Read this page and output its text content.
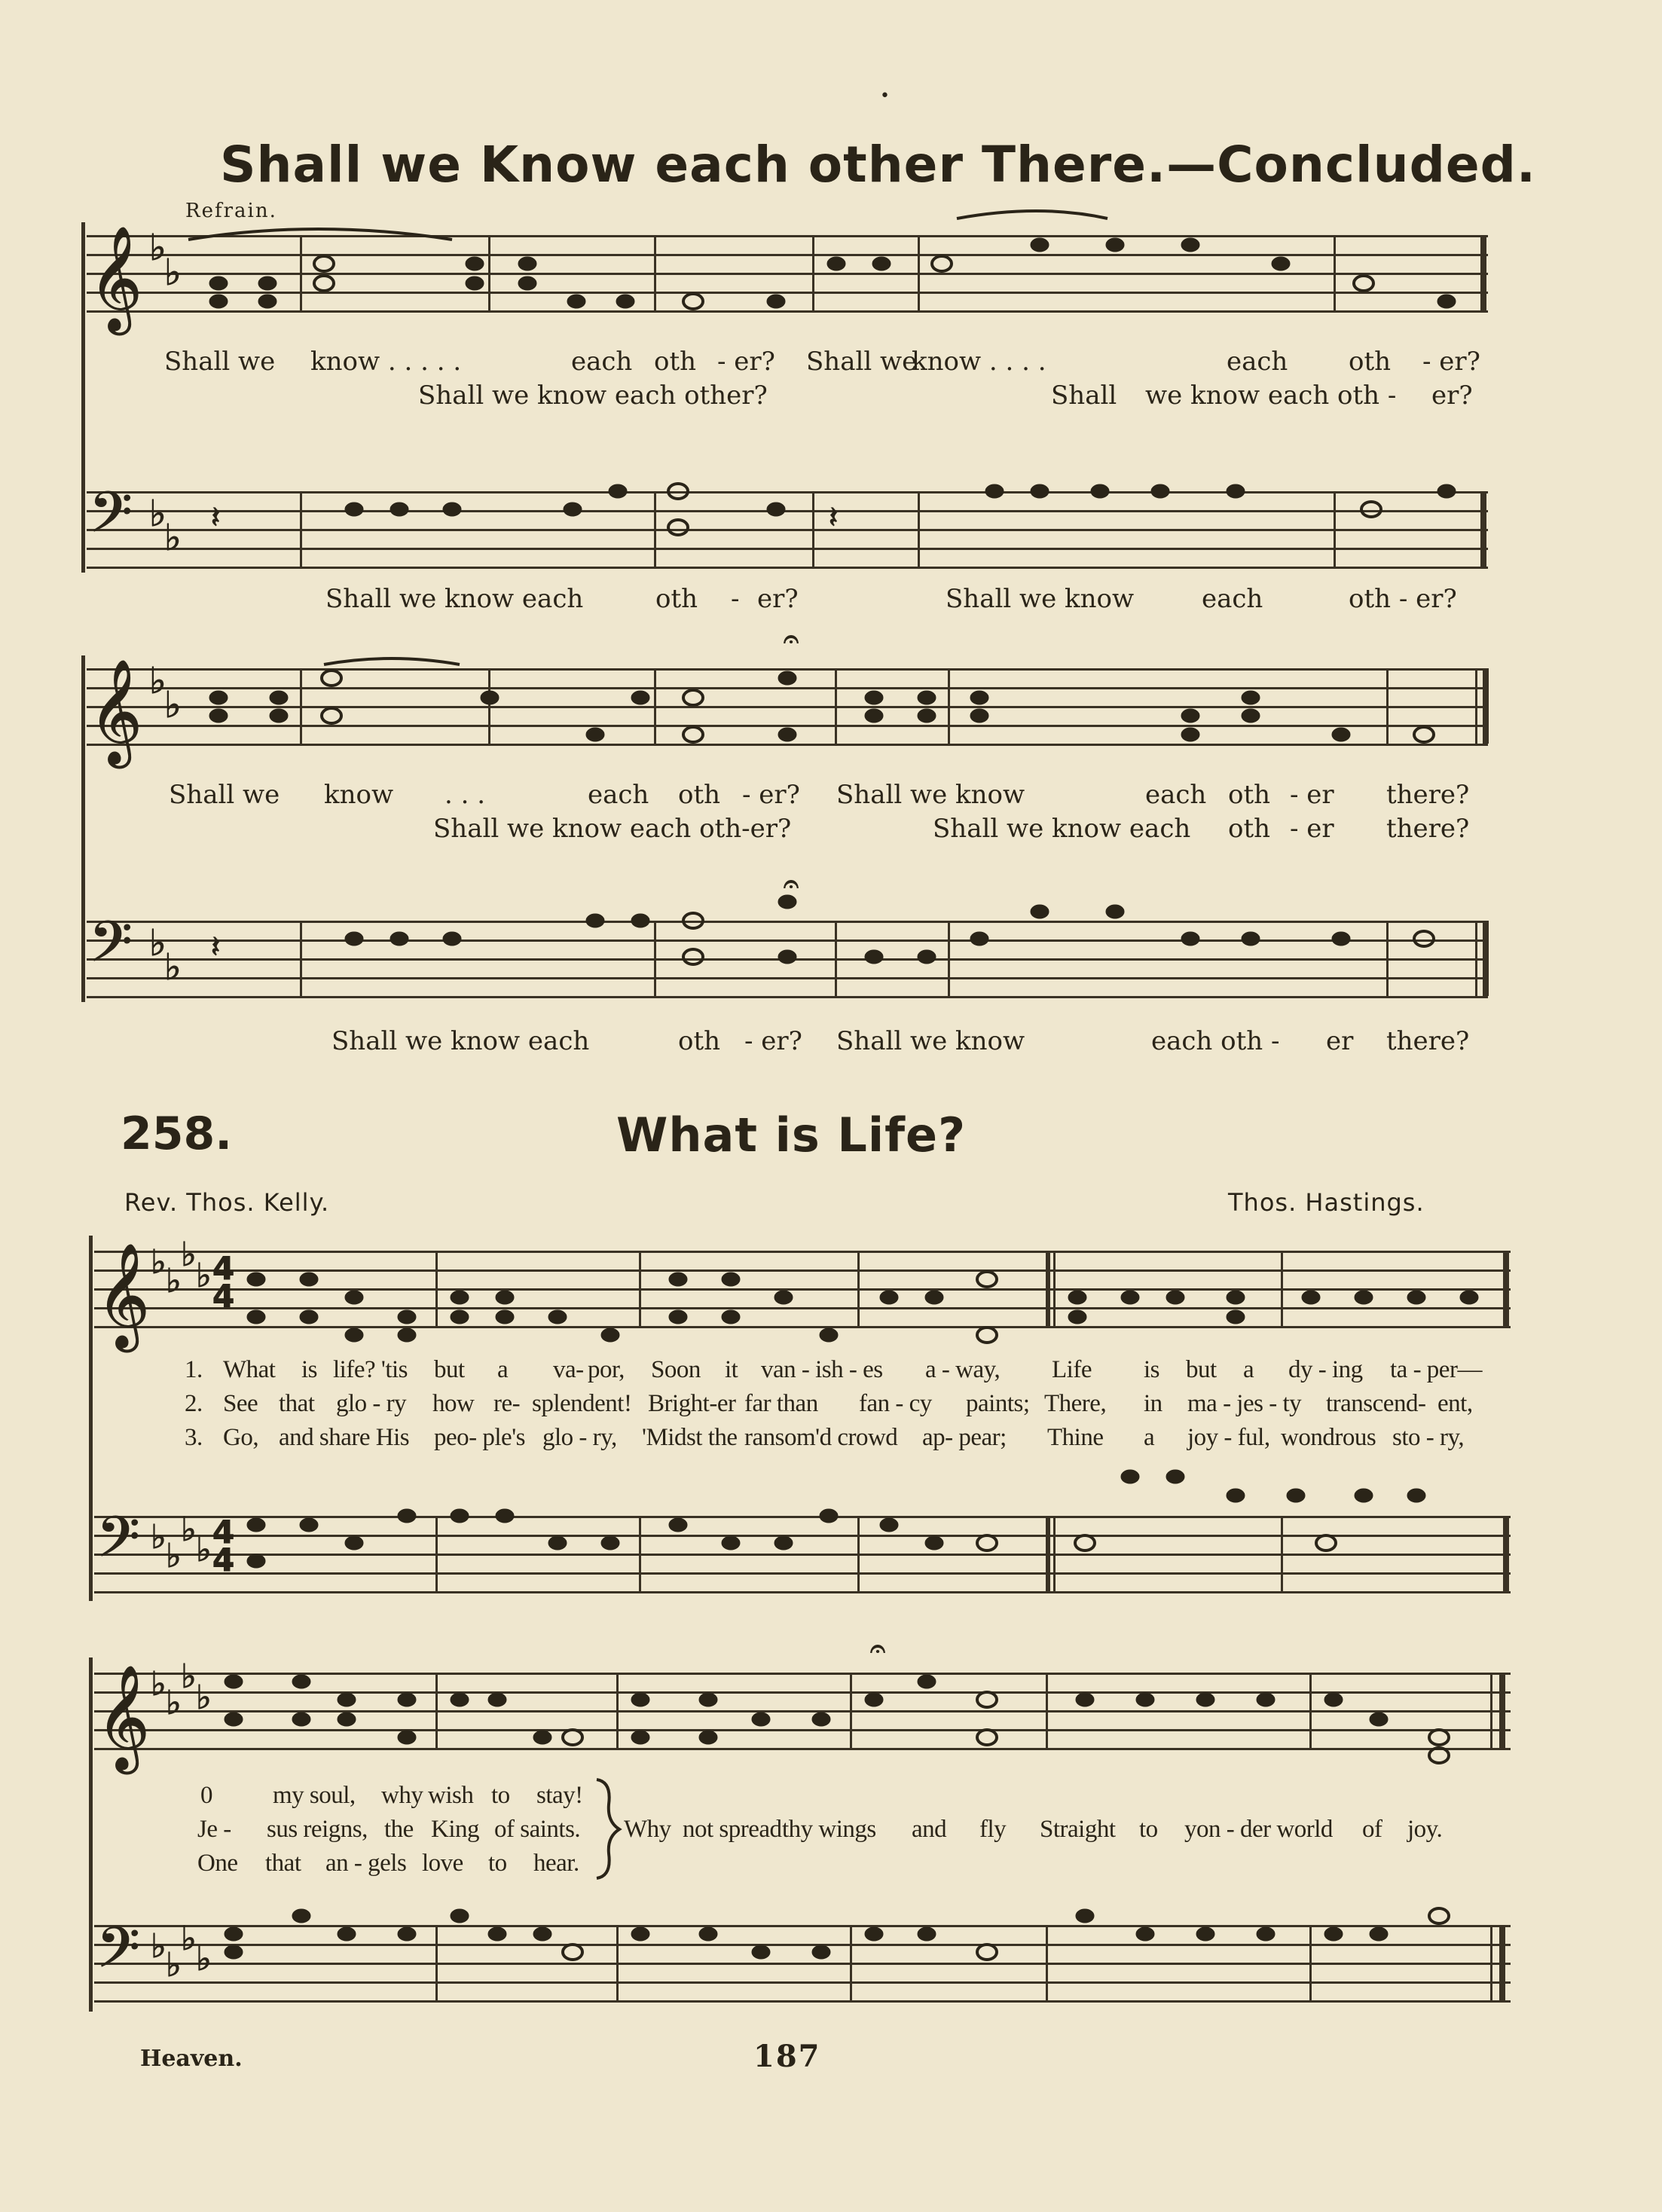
•
Shall we Know each other There.—Concluded.
Refrain.
𝄞
𝄢
♭
♭
♭
♭ 𝄽	𝄽
Shall we know . . . . .	each oth - er? Shall we
know . . . .	each oth - er?
Shall we know each other?	Shall we know each oth - er?
Shall we know each	oth - er?	Shall we know	each	oth - er?
𝄞
𝄢
♭
♭
♭
♭ 𝄽
𝄐
𝄐
Shall we know . . .	each oth - er? Shall we know	each oth - er there?
Shall we know each oth-er?	Shall we know each oth - er there?
Shall we know each	oth - er? Shall we know	each oth - er there?
258.	What is Life?
Rev. Thos. Kelly.	Thos. Hastings.
𝄞
𝄢
♭ ♭
♭
♭
♭ ♭
♭
♭
4
4
4
4
1. What is life? 'tis but a va- por, Soon it van - ish - es a - way, Life is but a dy - ing ta - per—
2. See that glo - ry how re- splendent! Bright-er far than fan - cy paints; There, in ma - jes - ty transcend- ent,
3. Go, and share His peo- ple's glo - ry, 'Midst the ransom'd crowd ap- pear; Thine a joy - ful, wondrous sto - ry,
𝄞
𝄢
♭ ♭
♭
♭
♭ ♭
♭
♭
𝄐
0 my soul, why wish to stay!
Je - sus reigns, the King of saints.
One that an - gels love to hear.
Why not spread thy wings and fly Straight to yon - der world of joy.
Heaven.	187
